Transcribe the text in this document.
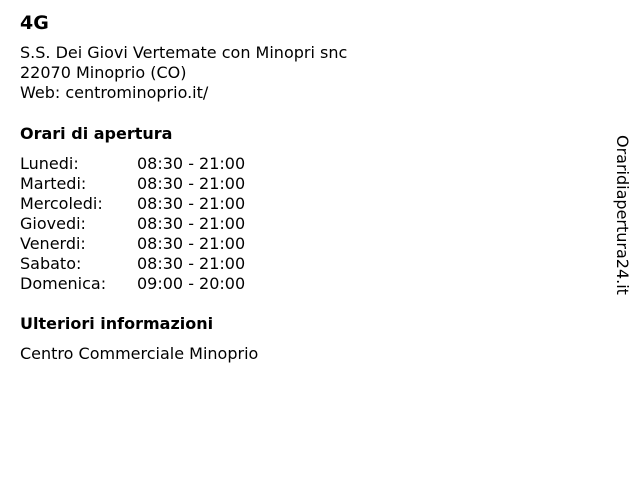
4G
S.S. Dei Giovi Vertemate con Minopri snc
22070 Minoprio (CO)
Web: centrominoprio.it/
Orari di apertura
Lunedi:	08:30 - 21:00
Martedi:	08:30 - 21:00
Mercoledi: 08:30 - 21:00
Giovedi:	08:30 - 21:00
Venerdi:	08:30 - 21:00
Sabato:	08:30 - 21:00
Domenica: 09:00 - 20:00
Ulteriori informazioni
Centro Commerciale Minoprio
Oraridiapertura24.it
